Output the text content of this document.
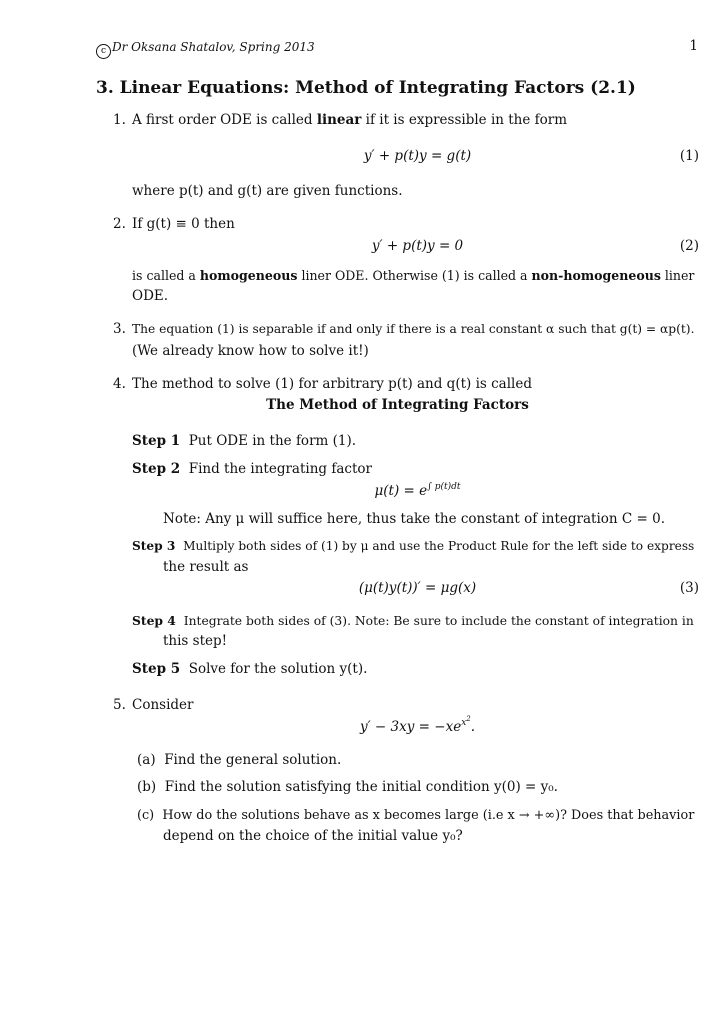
c Dr Oksana Shatalov, Spring 2013	1
3. Linear Equations: Method of Integrating Factors (2.1)
1. A first order ODE is called linear if it is expressible in the form
y′ + p(t)y = g(t)	(1)
where p(t) and g(t) are given functions.
2. If g(t) ≡ 0 then
y′ + p(t)y = 0	(2)
is called a homogeneous liner ODE. Otherwise (1) is called a non-homogeneous liner
ODE.
3. The equation (1) is separable if and only if there is a real constant α such that g(t) = αp(t).
(We already know how to solve it!)
4. The method to solve (1) for arbitrary p(t) and q(t) is called
The Method of Integrating Factors
Step 1 Put ODE in the form (1).
Step 2 Find the integrating factor
$\mu(t) = e^{\int p(t)dt}$
Note: Any μ will suffice here, thus take the constant of integration C = 0.
Step 3 Multiply both sides of (1) by μ and use the Product Rule for the left side to express
the result as
(μ(t)y(t))′ = μg(x)	(3)
Step 4 Integrate both sides of (3). Note: Be sure to include the constant of integration in
this step!
Step 5 Solve for the solution y(t).
5. Consider
$y' - 3xy = -xe^{x2}$.
(a) Find the general solution.
(b) Find the solution satisfying the initial condition y(0) = y₀.
(c) How do the solutions behave as x becomes large (i.e x → +∞)? Does that behavior
depend on the choice of the initial value y₀?
